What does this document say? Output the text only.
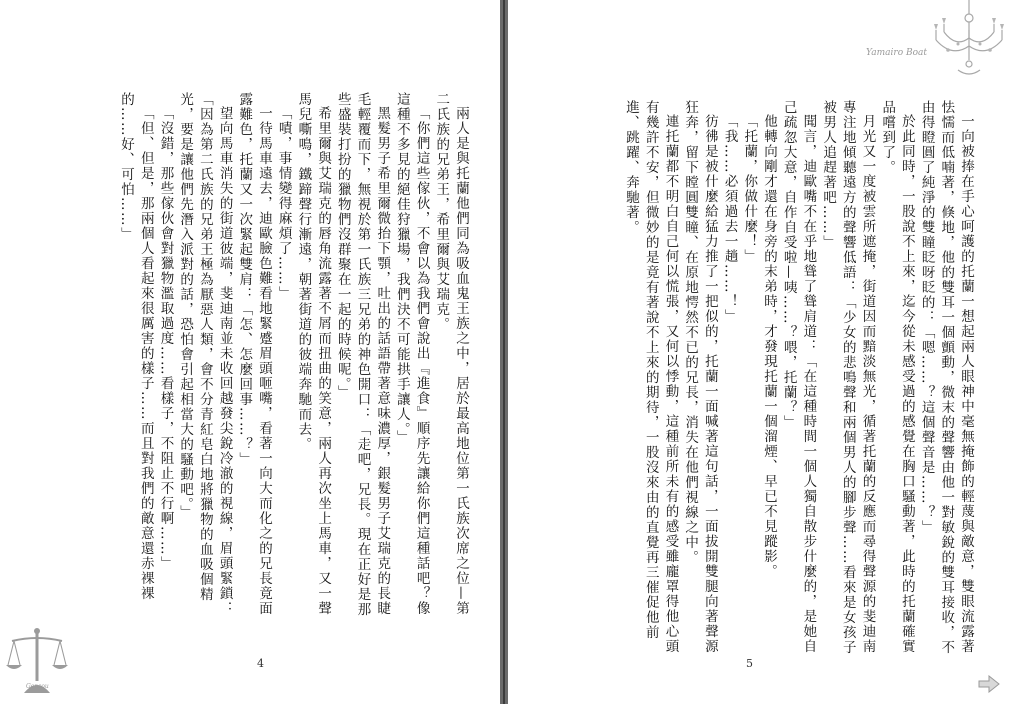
兩人是與托蘭他們同為吸血鬼王族之中，居於最高地位第一氏族次席之位—第二氏族的兄弟王，希里爾與艾瑞克。

「你們這些傢伙，不會以為我們會說出『進食』順序先讓給你們這種話吧？像這種不多見的絕佳狩獵場，我們決不可能拱手讓人。」

黑髮男子希里爾微抬下顎，吐出的話語帶著意味濃厚，銀髮男子艾瑞克的長睫毛輕覆而下，無視於第一氏族三兄弟的神色開口：「走吧，兄長。現在正好是那些盛裝打扮的獵物們沒群聚在一起的時候呢。」

希里爾與艾瑞克的唇角流露著不屑而扭曲的笑意，兩人再次坐上馬車，又一聲馬兒嘶鳴，鐵蹄聲行漸遠，朝著街道的彼端奔馳而去。

「嘖，事情變得麻煩了……」

一待馬車遠去，迪歐臉色難看地緊蹙眉頭咂嘴，看著一向大而化之的兄長竟面露難色，托蘭又一次緊起雙肩：「怎、怎麼回事……？」

望向馬車消失的街道彼端，斐迪南並未收回越發尖銳冷澈的視線，眉頭緊鎖：「因為第二氏族的兄弟王極為厭惡人類，會不分青紅皂白地將獵物的血吸個精光，要是讓他們先潛入派對的話，恐怕會引起相當大的騷動吧。」

「沒錯，那些傢伙會對獵物濫取過度……看樣子，不阻止不行啊……」

「但、但是，那兩個人看起來很厲害的樣子……而且對我們的敵意還赤裸裸的……好、可怕……」

4
Gensou

一向被捧在手心呵護的托蘭一想起兩人眼神中毫無掩飾的輕蔑與敵意，雙眼流露著怯懦而低喃著，倏地，他的雙耳一個顫動，微末的聲響由他一對敏銳的雙耳接收，不由得瞪圓了純淨的雙瞳眨呀眨的：「嗯……？這個聲音是……？」

於此同時，一股說不上來，迄今從未感受過的感覺在胸口騷動著，此時的托蘭確實品嚐到了。

月光又一度被雲所遮掩，街道因而黯淡無光，循著托蘭的反應而尋得聲源的斐迪南專注地傾聽遠方的聲響低語：「少女的悲鳴聲和兩個男人的腳步聲……看來是女孩子被男人追趕著吧……」

聞言，迪歐嘴不在乎地聳了聳肩道：「在這種時間一個人獨自散步什麼的，是她自己疏忽大意，自作自受啦—咦……？喂，托蘭？」

他轉向剛才還在身旁的末弟時，才發現托蘭一個溜煙、早已不見蹤影。

「托蘭，你做什麼！」

「我……必須過去一趟……！」

彷彿是被什麼給猛力推了一把似的，托蘭一面喊著這句話，一面拔開雙腿向著聲源狂奔，留下瞠圓雙瞳、在原地愕然不已的兄長，消失在他們視線之中。

連托蘭都不明白自己何以慌張，又何以悸動，這種前所未有的感受雖龐罩得他心頭有幾許不安，但微妙的是竟有著說不上來的期待，一股沒來由的直覺再三催促他前進、跳躍、奔馳著。

5
Yamairo Boat
